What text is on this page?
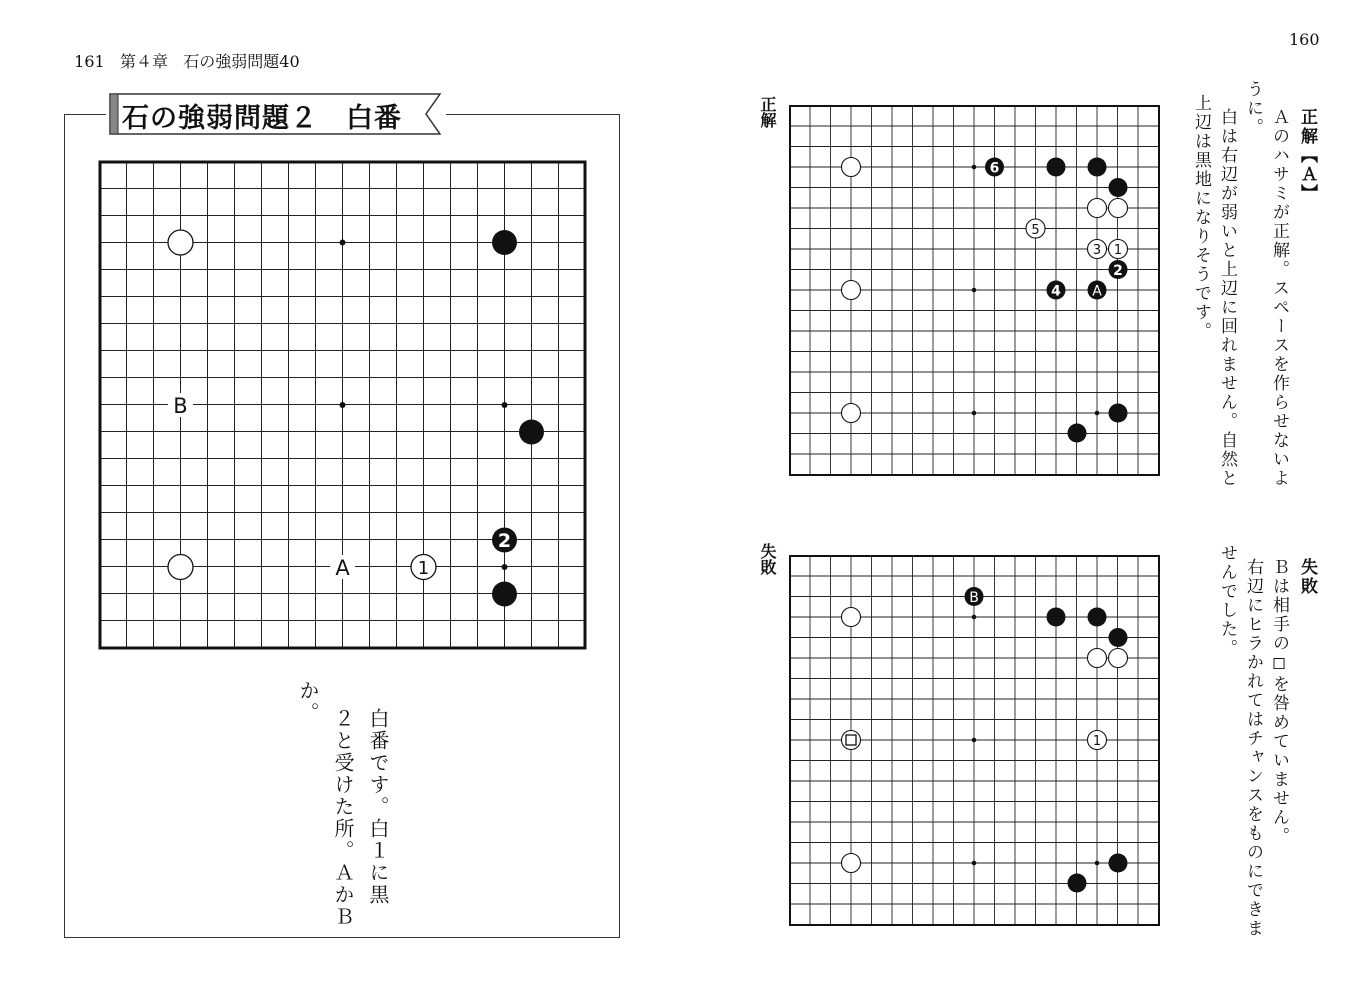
161 第４章 石の強弱問題40

160
石の強弱問題２　白番
2
1
A
B
白番です。白１に黒
２と受けた所。ＡかＢ
か。
正解
3 1
2
5
6
4 A
正解【Ａ】
Ａのハサミが正解。スペースを作らせないよ
うに。
白は右辺が弱いと上辺に回れません。自然と
上辺は黒地になりそうです。
失敗
B
1
失敗
Ｂは相手の◻︎を咎めていません。
右辺にヒラかれてはチャンスをものにできま
せんでした。
